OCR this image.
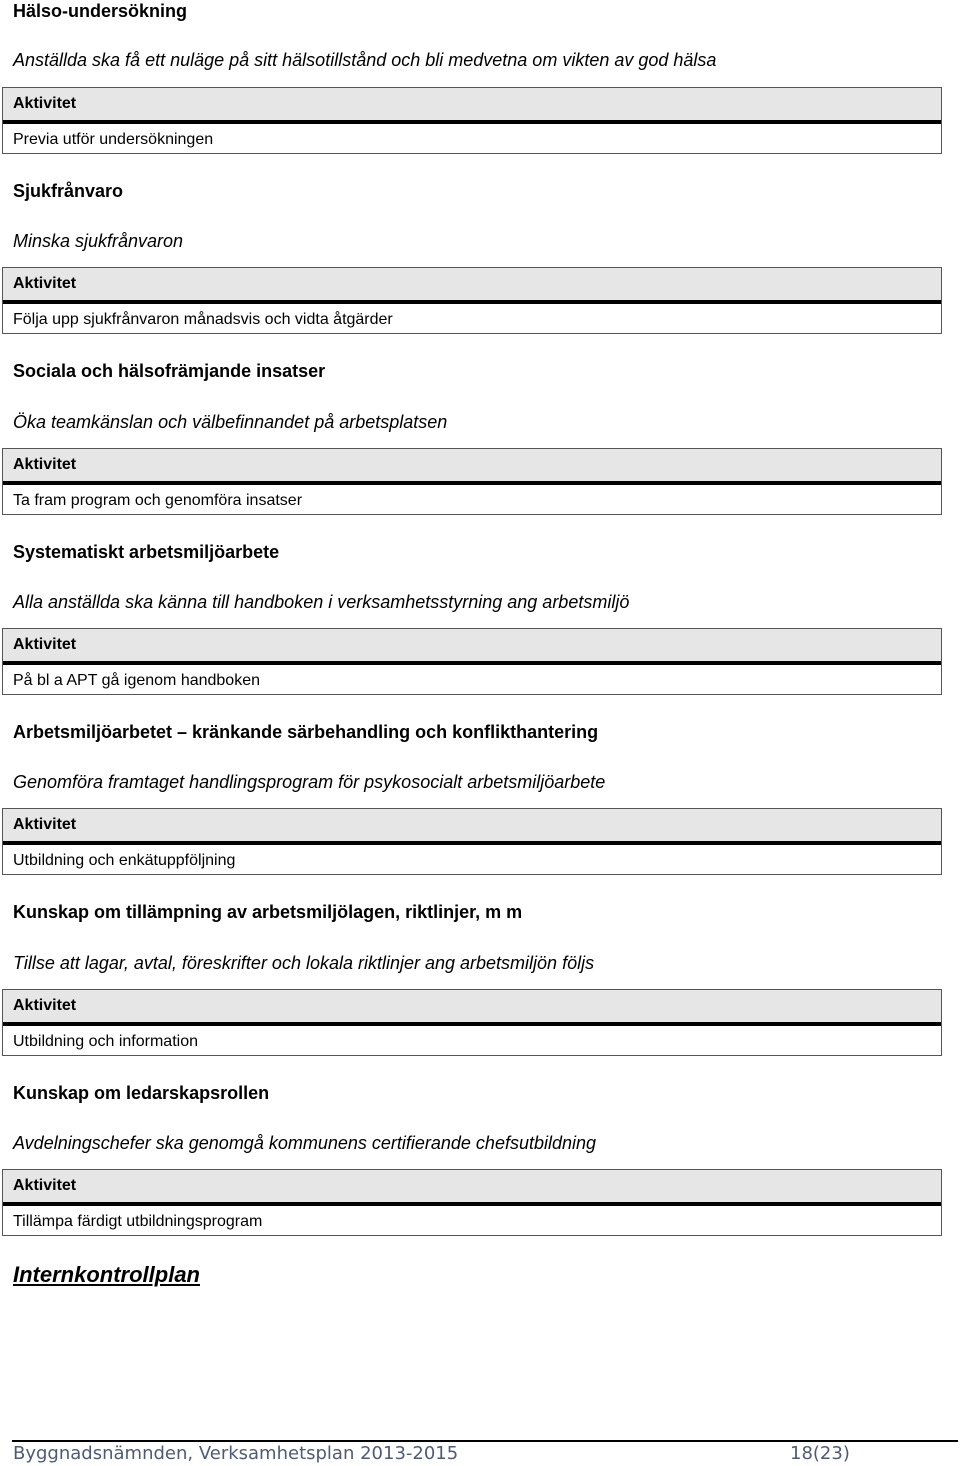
Hälso-undersökning
Anställda ska få ett nuläge på sitt hälsotillstånd och bli medvetna om vikten av god hälsa
Aktivitet
Previa utför undersökningen
Sjukfrånvaro
Minska sjukfrånvaron
Aktivitet
Följa upp sjukfrånvaron månadsvis och vidta åtgärder
Sociala och hälsofrämjande insatser
Öka teamkänslan och välbefinnandet på arbetsplatsen
Aktivitet
Ta fram program och genomföra insatser
Systematiskt arbetsmiljöarbete
Alla anställda ska känna till handboken i verksamhetsstyrning ang arbetsmiljö
Aktivitet
På bl a APT gå igenom handboken
Arbetsmiljöarbetet – kränkande särbehandling och konflikthantering
Genomföra framtaget handlingsprogram för psykosocialt arbetsmiljöarbete
Aktivitet
Utbildning och enkätuppföljning
Kunskap om tillämpning av arbetsmiljölagen, riktlinjer, m m
Tillse att lagar, avtal, föreskrifter och lokala riktlinjer ang arbetsmiljön följs
Aktivitet
Utbildning och information
Kunskap om ledarskapsrollen
Avdelningschefer ska genomgå kommunens certifierande chefsutbildning
Aktivitet
Tillämpa färdigt utbildningsprogram
Internkontrollplan
Byggnadsnämnden, Verksamhetsplan 2013-2015	18(23)
